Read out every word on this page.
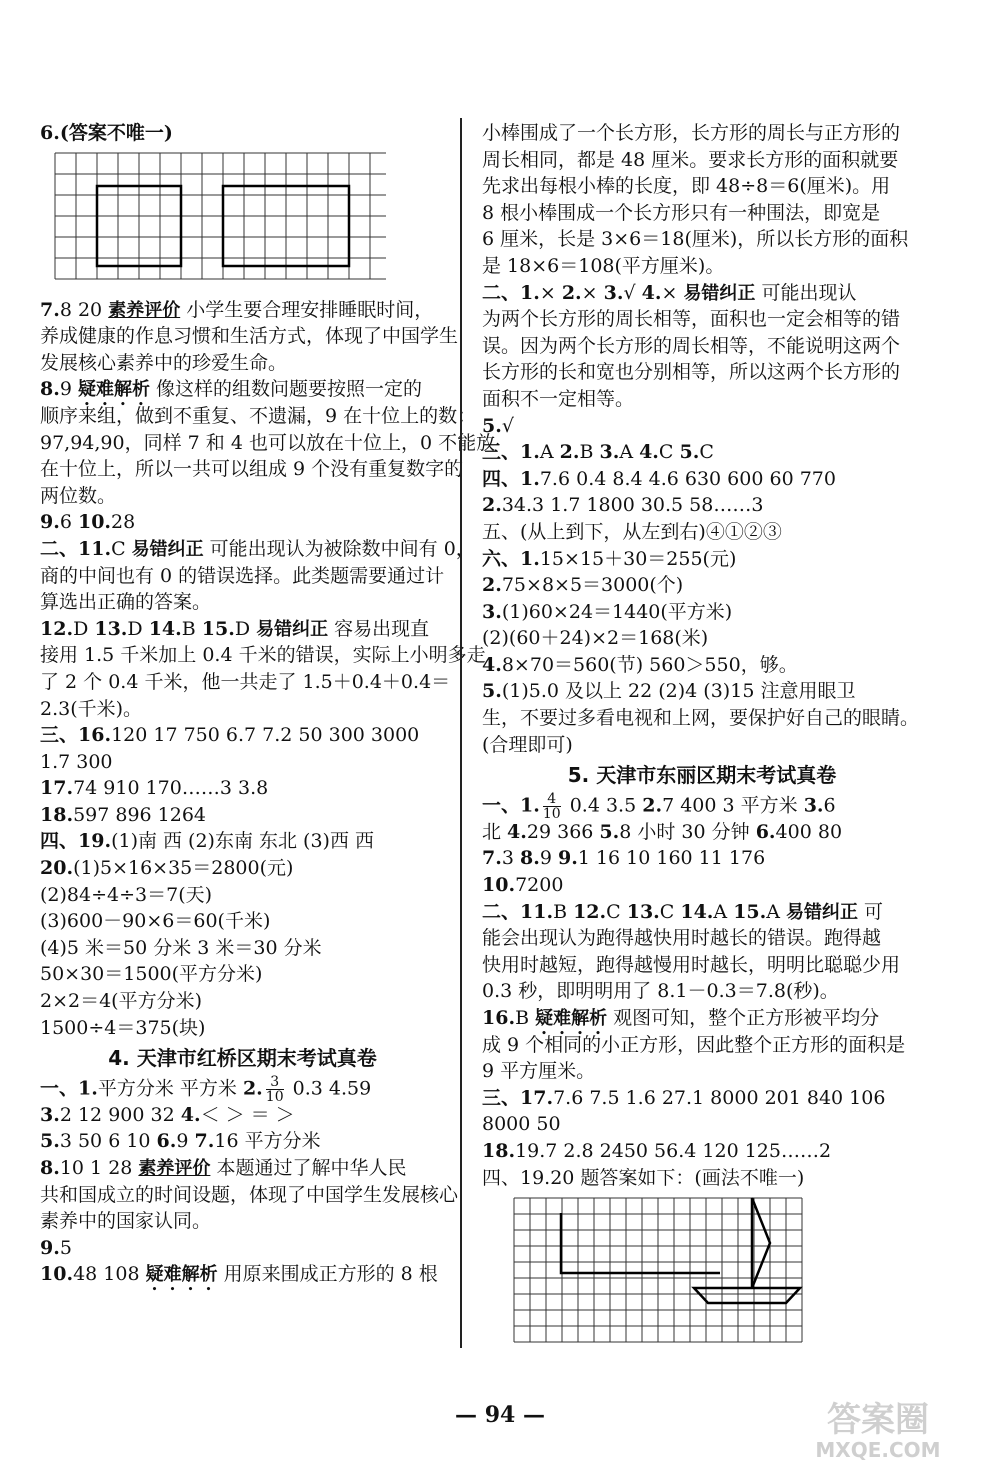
6.(答案不唯一)
7.8 20 素养评价 小学生要合理安排睡眠时间，
养成健康的作息习惯和生活方式，体现了中国学生
发展核心素养中的珍爱生命。
8.9 疑难解析 像这样的组数问题要按照一定的
顺序来组，做到不重复、不遗漏，9 在十位上的数：
97,94,90，同样 7 和 4 也可以放在十位上，0 不能放
在十位上，所以一共可以组成 9 个没有重复数字的
两位数。
9.6 10.28
二、11.C 易错纠正 可能出现认为被除数中间有 0，
商的中间也有 0 的错误选择。此类题需要通过计
算选出正确的答案。
12.D 13.D 14.B 15.D 易错纠正 容易出现直
接用 1.5 千米加上 0.4 千米的错误，实际上小明多走
了 2 个 0.4 千米，他一共走了 1.5＋0.4＋0.4＝
2.3(千米)。
三、16.120 17 750 6.7 7.2 50 300 3000
1.7 300
17.74 910 170……3 3.8
18.597 896 1264
四、19.(1)南 西 (2)东南 东北 (3)西 西
20.(1)5×16×35＝2800(元)
(2)84÷4÷3＝7(天)
(3)600－90×6＝60(千米)
(4)5 米＝50 分米 3 米＝30 分米
50×30＝1500(平方分米)
2×2＝4(平方分米)
1500÷4＝375(块)
4. 天津市红桥区期末考试真卷
一、1.平方分米 平方米 2. $\frac{3}{10} 0.3$ 4.59
3.2 12 900 32 4.＜ ＞ ＝ ＞
5.3 50 6 10 6.9 7.16 平方分米
8.10 1 28 素养评价 本题通过了解中华人民
共和国成立的时间设题，体现了中国学生发展核心
素养中的国家认同。
9.5
10.48 108 疑难解析 用原来围成正方形的 8 根
小棒围成了一个长方形，长方形的周长与正方形的
周长相同，都是 48 厘米。要求长方形的面积就要
先求出每根小棒的长度，即 48÷8＝6(厘米)。用
8 根小棒围成一个长方形只有一种围法，即宽是
6 厘米，长是 3×6＝18(厘米)，所以长方形的面积
是 18×6＝108(平方厘米)。
二、1.× 2.× 3.√ 4.× 易错纠正 可能出现认
为两个长方形的周长相等，面积也一定会相等的错
误。因为两个长方形的周长相等，不能说明这两个
长方形的长和宽也分别相等，所以这两个长方形的
面积不一定相等。
5.√
三、1.A 2.B 3.A 4.C 5.C
四、1.7.6 0.4 8.4 4.6 630 600 60 770
2.34.3 1.7 1800 30.5 58……3
五、(从上到下，从左到右)④①②③
六、1.15×15＋30＝255(元)
2.75×8×5＝3000(个)
3.(1)60×24＝1440(平方米)
(2)(60＋24)×2＝168(米)
4.8×70＝560(节) 560＞550，够。
5.(1)5.0 及以上 22 (2)4 (3)15 注意用眼卫
生，不要过多看电视和上网，要保护好自己的眼睛。
(合理即可)
5. 天津市东丽区期末考试真卷
一、1. $\frac{4}{10} 0.4$ 3.5 2.7 400 3 平方米 3.6
北 4.29 366 5.8 小时 30 分钟 6.400 80
7.3 8.9 9.1 16 10 160 11 176
10.7200
二、11.B 12.C 13.C 14.A 15.A 易错纠正 可
能会出现认为跑得越快用时越长的错误。跑得越
快用时越短，跑得越慢用时越长，明明比聪聪少用
0.3 秒，即明明用了 8.1－0.3＝7.8(秒)。
16.B 疑难解析 观图可知，整个正方形被平均分
成 9 个相同的小正方形，因此整个正方形的面积是
9 平方厘米。
三、17.7.6 7.5 1.6 27.1 8000 201 840 106
8000 50
18.19.7 2.8 2450 56.4 120 125……2
四、19.20 题答案如下：(画法不唯一)
— 94 —	答案圈
MXQE.COM
